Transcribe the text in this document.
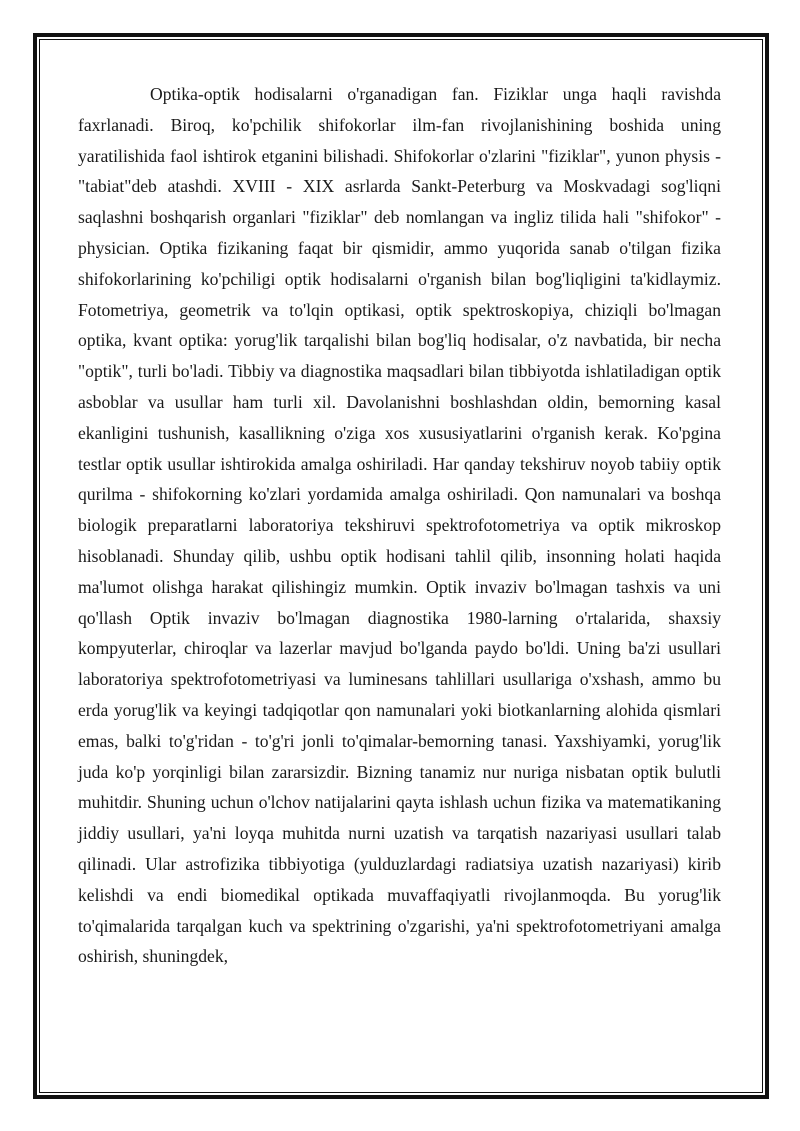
Optika-optik hodisalarni o'rganadigan fan. Fiziklar unga haqli ravishda faxrlanadi. Biroq, ko'pchilik shifokorlar ilm-fan rivojlanishining boshida uning yaratilishida faol ishtirok etganini bilishadi. Shifokorlar o'zlarini "fiziklar", yunon physis - "tabiat"deb atashdi. XVIII - XIX asrlarda Sankt-Peterburg va Moskvadagi sog'liqni saqlashni boshqarish organlari "fiziklar" deb nomlangan va ingliz tilida hali "shifokor" - physician. Optika fizikaning faqat bir qismidir, ammo yuqorida sanab o'tilgan fizika shifokorlarining ko'pchiligi optik hodisalarni o'rganish bilan bog'liqligini ta'kidlaymiz. Fotometriya, geometrik va to'lqin optikasi, optik spektroskopiya, chiziqli bo'lmagan optika, kvant optika: yorug'lik tarqalishi bilan bog'liq hodisalar, o'z navbatida, bir necha "optik", turli bo'ladi. Tibbiy va diagnostika maqsadlari bilan tibbiyotda ishlatiladigan optik asboblar va usullar ham turli xil. Davolanishni boshlashdan oldin, bemorning kasal ekanligini tushunish, kasallikning o'ziga xos xususiyatlarini o'rganish kerak. Ko'pgina testlar optik usullar ishtirokida amalga oshiriladi. Har qanday tekshiruv noyob tabiiy optik qurilma - shifokorning ko'zlari yordamida amalga oshiriladi. Qon namunalari va boshqa biologik preparatlarni laboratoriya tekshiruvi spektrofotometriya va optik mikroskop hisoblanadi. Shunday qilib, ushbu optik hodisani tahlil qilib, insonning holati haqida ma'lumot olishga harakat qilishingiz mumkin. Optik invaziv bo'lmagan tashxis va uni qo'llash Optik invaziv bo'lmagan diagnostika 1980-larning o'rtalarida, shaxsiy kompyuterlar, chiroqlar va lazerlar mavjud bo'lganda paydo bo'ldi. Uning ba'zi usullari laboratoriya spektrofotometriyasi va luminesans tahlillari usullariga o'xshash, ammo bu erda yorug'lik va keyingi tadqiqotlar qon namunalari yoki biotkanlarning alohida qismlari emas, balki to'g'ridan - to'g'ri jonli to'qimalar-bemorning tanasi. Yaxshiyamki, yorug'lik juda ko'p yorqinligi bilan zararsizdir. Bizning tanamiz nur nuriga nisbatan optik bulutli muhitdir. Shuning uchun o'lchov natijalarini qayta ishlash uchun fizika va matematikaning jiddiy usullari, ya'ni loyqa muhitda nurni uzatish va tarqatish nazariyasi usullari talab qilinadi. Ular astrofizika tibbiyotiga (yulduzlardagi radiatsiya uzatish nazariyasi) kirib kelishdi va endi biomedikal optikada muvaffaqiyatli rivojlanmoqda. Bu yorug'lik to'qimalarida tarqalgan kuch va spektrining o'zgarishi, ya'ni spektrofotometriyani amalga oshirish, shuningdek,
